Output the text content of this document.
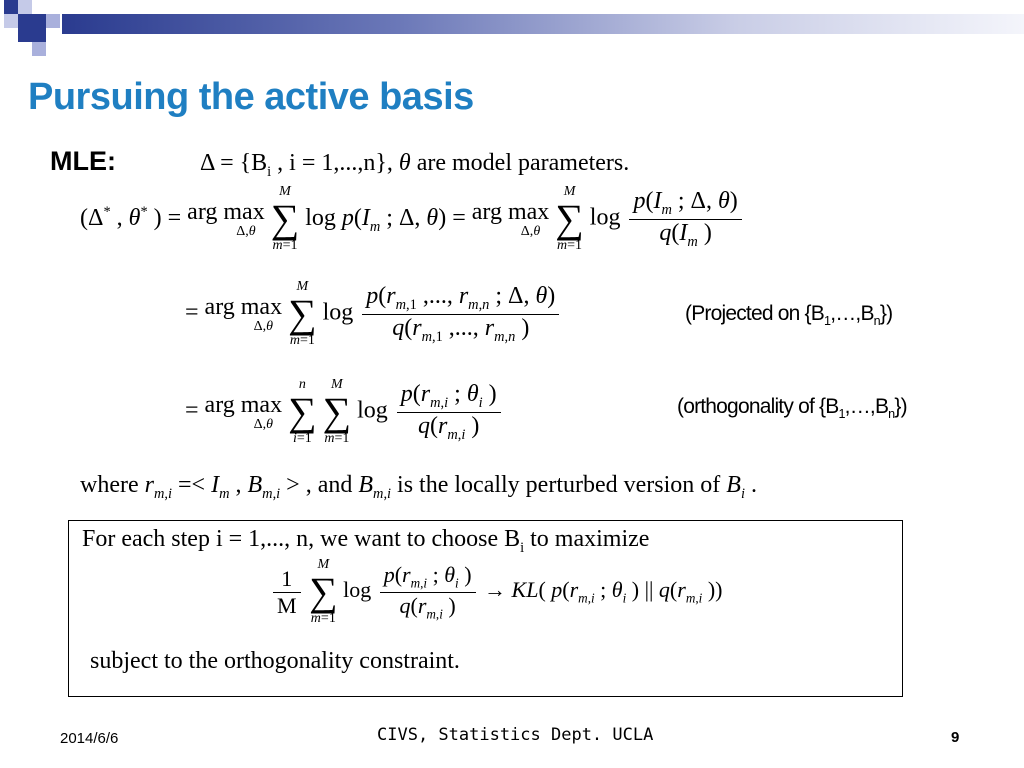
Pursuing the active basis
MLE:	$\Delta = \{B_i$ , i = 1,...,n}, θ are model parameters.
(Δ* , θ* ) = arg max
Δ,θ

M
∑
m=1
$\log p(I_m$ ; Δ, θ) = arg max
Δ,θ

M
∑
m=1
$\log \frac{p(I_m ; \Delta, \theta)}{q(I_m )}$
= arg max
Δ,θ

M
∑
m=1
$\log \frac{p(r_{m,1} ,..., r_{m,n} ; \Delta, \theta)}{q(r_{m,1} ,..., r_{m,n} )}$	(Projected on $\{B_1,\dots,B_n\}$)
= arg max
Δ,θ

n
∑
i=1

M
∑
m=1
$\log \frac{p(r_{m,i} ; \theta_i )}{q(r_{m,i} )}$	(orthogonality of $\{B_1,\dots,B_n\}$)
where $r_{m,i} =< I_m$ , $B_{m,i}$ > , and $B_{m,i}$ is the locally perturbed version of $B_i$ .
For each step i = 1,..., n, we want to choose $B_i$ to maximize
$\frac{1}{M}$

M
∑
m=1
$\log \frac{p(r_{m,i} ; \theta_i )}{q(r_{m,i} )} \to KL$( $p(r_{m,i}$ ; $\theta_i$ ) || $q(r_{m,i}$ ))
subject to the orthogonality constraint.
2014/6/6	CIVS, Statistics Dept. UCLA	9
